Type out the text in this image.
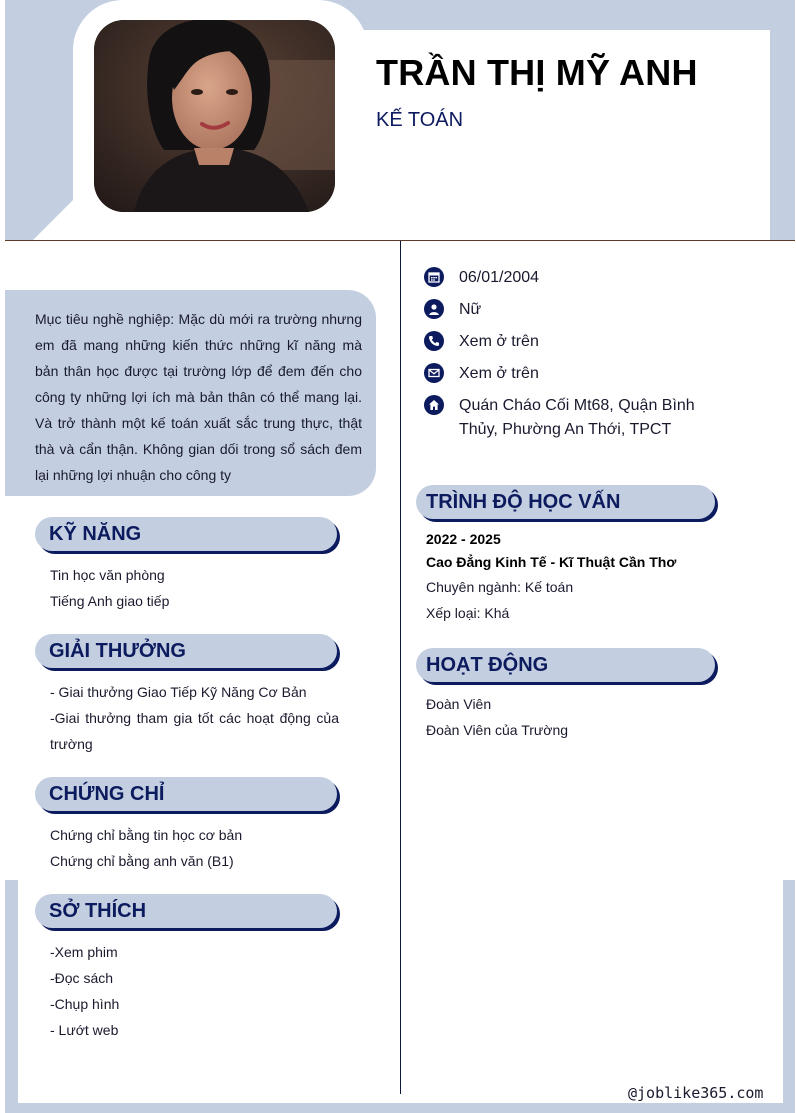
TRẦN THỊ MỸ ANH
KẾ TOÁN

Mục tiêu nghề nghiệp: Mặc dù mới ra trường nhưng em đã mang những kiến thức những kĩ năng mà bản thân học được tại trường lớp để đem đến cho công ty những lợi ích mà bản thân có thể mang lại. Và trở thành một kế toán xuất sắc trung thực, thật thà và cẩn thận. Không gian dối trong sổ sách đem lại những lợi nhuận cho công ty

KỸ NĂNG
Tin học văn phòng
Tiếng Anh giao tiếp
GIẢI THƯỞNG
- Giai thưởng Giao Tiếp Kỹ Năng Cơ Bản
-Giai thưởng tham gia tốt các hoạt động của trường
CHỨNG CHỈ
Chứng chỉ bằng tin học cơ bản
Chứng chỉ bằng anh văn (B1)
SỞ THÍCH
-Xem phim
-Đọc sách
-Chụp hình
- Lướt web
06/01/2004
Nữ
Xem ở trên
Xem ở trên
Quán Cháo Cối Mt68, Quận Bình Thủy, Phường An Thới, TPCT
TRÌNH ĐỘ HỌC VẤN
2022 - 2025
Cao Đẳng Kinh Tế - Kĩ Thuật Cần Thơ
Chuyên ngành: Kế toán
Xếp loại: Khá
HOẠT ĐỘNG
Đoàn Viên
Đoàn Viên của Trường
@joblike365.com
